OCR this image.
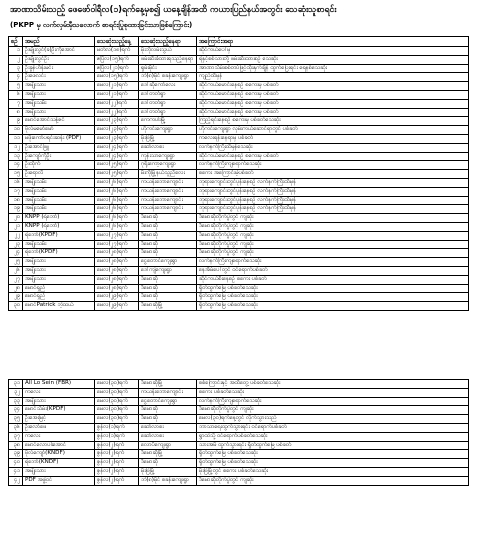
အာဏာသိမ်းသည့် ဖေဖော်ဝါရီလ(၁)ရက်နေ့မှစ၍ ယနေ့ချိန်အထိ ကယားပြည်နယ်အတွင်း သေဆုံးသူစာရင်း
(PKPP မှ လက်လှမ်းမှီသလောက် စာရင်းပြုစုထားခြင်းသာဖြစ်ကြောင်း)
စဉ်	အမည်	သေဆုံးသည့်နေ့	သေဆုံးသည့်နေရာ	အကြောင်းအရာ
၁	ဦးမျိုးလွင်(ခ)ဦးကိုအောင်	မတ်လ(၁၈)ရက်	မိုးဘိုလမ်းသွယ်	ဆိုင်ကယ်ပေါ်မှ
၂	ဦးမျိုးလွင်ဦး	ဧပြီလ(၁၅)ရက်	ဖမ်းဆီးခံထားရသည့်နေရာ	ရဲနှင့်စစ်သားတို့ ဖမ်းဆီးထားစဉ် သေဆုံး
၃	ဦးခွန်ဟိန်းမင်း	ဧပြီလ(၂၁)ရက်	ရှမ်းမိုင်း	အာဏာသိမ်းစစ်တပ်ဖြင့်ထိုးနှက်ချိန် ထွက်ပြေးရင်း ရေနစ်သေဆုံး
၄	ဦးဖေလင်း	မေလ(၁၅)ရက်	ဘဲ(၈)မိုင် စခန်းကျေးရွာ	ကျည်ထိမှန်
၅	အမျိုးသား	မေလ(၂၁)ရက်	ဒေါ်ဆိုကော်လေး	ဆိုင်ကယ်မောင်းနေစဉ် စကေးမှ ပစ်ခတ်
၆	အမျိုးသား	မေလ(၂၁)ရက်	ဒေါ်တတ်ရွာ	ဆိုင်ကယ်မောင်းနေစဉ် စကေးမှ ပစ်ခတ်
၇	အမျိုးသမီး	မေလ(၂၂)ရက်	ဒေါ်တတ်ရွာ	ဆိုင်ကယ်မောင်းနေစဉ် စကေးမှ ပစ်ခတ်
၈	အမျိုးသား	မေလ(၂၂)ရက်	ဒေါ်တတ်ရွာ	ဆိုင်ကယ်မောင်းနေစဉ် စကေးမှ ပစ်ခတ်
၉	မောင်အောင်သန့်ဇင်	မေလ(၂၃)ရက်	ကေကပါးမြို့	ကြည့်ရင်းနေစဉ် စကေးမှ ပစ်ခတ်သေဆုံး
၁၀	ဗိုလ်မမော်မော်	မေလ(၂၃)ရက်	ဟိုကင်းကျေးရွာ	ဟိုကင်းကျေးရွာ လှမ်းကယ်ဆောင်ရာတွင် ပစ်ခတ်
၁၁	မဖိုးကော်ပရင်းဆန်း (PDF)	မေလ(၂၃)ရက်	မိုးဗြဲမြို့	ကလေးရန်းနေရာမှ ပစ်ခတ်
၁၂	ဦးအောင်ဖြူ	မေလ(၂၄)ရက်	ဆော်လာစး	လက်နက်ကြီးထိမှန်သေဆုံး
၁၃	ဦးကျော်ကိုဦး	မေလ(၂၄)ရက်	ကုန်းသာကျေးရွာ	ဆိုင်ကယ်မောင်းနေစဉ် စကေးမှ ပစ်ခတ်
၁၄	ဦးထိုက်	မေလ(၂၅)ရက်	ဂုရိုးကော့ကျေးရွာ	လက်နက်ကြီးကျရောက်သေဆုံး
၁၅	ဦးရောလီ	မေလ(၂၅)ရက်	မီးကိုမြို့နယ်သူညီလေး	စကေး အကြောင်းမဲ့ပစ်ခတ်
၁၆	အမျိုးသမီး	မေလ(၂၆)ရက်	ကယန်းဘောကျောင်း	ဘုရားကျောင်းတွင်ပုန်းနေစဉ် လက်နက်ကြီးထိမှန်
၁၇	အမျိုးသမီး	မေလ(၂၆)ရက်	ကယန်းဘောကျောင်း	ဘုရားကျောင်းတွင်ပုန်းနေစဉ် လက်နက်ကြီးထိမှန်
၁၈	အမျိုးသမီး	မေလ(၂၆)ရက်	ကယန်းဘောကျောင်း	ဘုရားကျောင်းတွင်ပုန်းနေစဉ် လက်နက်ကြီးထိမှန်
၁၉	အမျိုးသမီး	မေလ(၂၆)ရက်	ကယန်းဘောကျောင်း	ဘုရားကျောင်းတွင်ပုန်းနေစဉ် လက်နက်ကြီးထိမှန်
၂၀	KNPP (ရဲဘော်)	မေလ(၂၆)ရက်	ဒီမောဆို	ဒီမောဆိုတိုက်ပွဲတွင် ကျဆုံး
၂၁	KNPP (ရဲဘော်)	မေလ(၂၆)ရက်	ဒီမောဆို	ဒီမောဆိုတိုက်ပွဲတွင် ကျဆုံး
၂၂	ရဲဘော်(KPDF)	မေလ(၂၇)ရက်	ဒီမောဆို	ဒီမောဆိုတိုက်ပွဲတွင် ကျဆုံး
၂၃	အမျိုးသမီး	မေလ(၂၇)ရက်	ဒီမောဆို	ဒီမောဆိုတိုက်ပွဲတွင် ကျဆုံး
၂၄	ရဲဘော်(KPDF)	မေလ(၂၈)ရက်	ဒီမောဆို	ဒီမောဆိုတိုက်ပွဲတွင် ကျဆုံး
၂၅	အမျိုးသား	မေလ(၂၈)ရက်	ငွေတောင်ကျေးရွာ	လက်နက်ကြီးကျရောက်သေဆုံး
၂၆	အမျိုးသား	မေလ(၂၈)ရက်	ဒေါ်ကျဲကျေးရွာ	နေအိမ်ပေါ်တွင် ဝင်ရောက်ပစ်ခတ်
၂၇	အမျိုးသား	မေလ(၂၈)ရက်	ဒီမောဆို	ဆိုင်ကယ်စီးနေစဉ် စကေး ပစ်ခတ်
၂၈	မောင်ရှည်	မေလ(၂၈)ရက်	ဒီမောဆို	ရှိတ်ထွက်မြေ ပစ်ခတ်သေဆုံး
၂၉	မောင်ရှည်	မေလ(၂၉)ရက်	ဒီမောဆို	ရှိတ်ထွက်မြေ ပစ်ခတ်သေဆုံး
၃၀	မောင်Patrick ဘဲ့ထယ်	မေလ(၂၉)ရက်	ဒီမောဆိုမြို့	ရှိတ်ထွက်မြေ ပစ်ခတ်သေဆုံး
၃၁	All Lo Sein (FBR)	မေလ(၃၀)ရက်	ဒီမောဆိုမြို့	စစ်ကြောင်းနှင့် အထိတွေ့ ပစ်ခတ်သေဆုံး
၃၂	ကလေး	မေလ(၃၀)ရက်	ကယန်းဘောကျောင်း	စကေး ပစ်ခတ်သေဆုံး
၃၃	အမျိုးသား	မေလ(၃၀)ရက်	ငွေတောင်ကျေးရွာ	လက်နက်ကြီးကျရောက်သေဆုံး
၃၄	မောင်သိမ်း(KPDF)	မေလ(၃၀)ရက်	ဒီမောဆို	ဒီမောဆိုတိုက်ပွဲတွင် ကျဆုံး
၃၅	ဦးအေးမြင့်	မေလ(၃၀)ရက်	ဒီမောဆို	မေလ(၃၀)ရက်နေ့တွင် လိုက်သွားသည်
၃၆	ဦးလော်ဖေ	ဇွန်လ(၁)ရက်	ဆော်လာစး	ဘာသာရေးထွက်သွားရင်း ဝင်ရောက်ပစ်ခတ်
၃၇	ကလေး	ဇွန်လ(၁)ရက်	ဆော်လာစး	ရွာထဲသို့ ဝင်ရောက်ပစ်ခတ်သေဆုံး
၃၈	မောင်လောပါးအောင်	ဇွန်လ(၂)ရက်	လောပိကျေးရွာ	သားအမိ ထွက်သွားရင်း ရှိတ်ထွက်မြေ ပစ်ခတ်
၃၉	ဗိုလ်ကျော်(KNDF)	ဇွန်လ(၂)ရက်	ဒီမောဆိုမြို့	ရှိတ်ထွက်မြေ ပစ်ခတ်သေဆုံး
၄၀	ရဲဘော်(KNDF)	ဇွန်လ(၂)ရက်	ဒီမောဆို	ရှိတ်ထွက်မြေ ပစ်ခတ်သေဆုံး
၄၁	အမျိုးသား	ဇွန်လ(၂)ရက်	မိုးဗြဲမြို့	မိုးဗြဲမြို့တွင် စကေး ပစ်ခတ်သေဆုံး
၄၂	PDF အဖွဲ့ဝင်	ဇွန်လ(၂)ရက်	ဘဲ(၈)မိုင် စခန်းကျေးရွာ	ဒီမောဆိုတိုက်ပွဲတွင် ကျဆုံး
